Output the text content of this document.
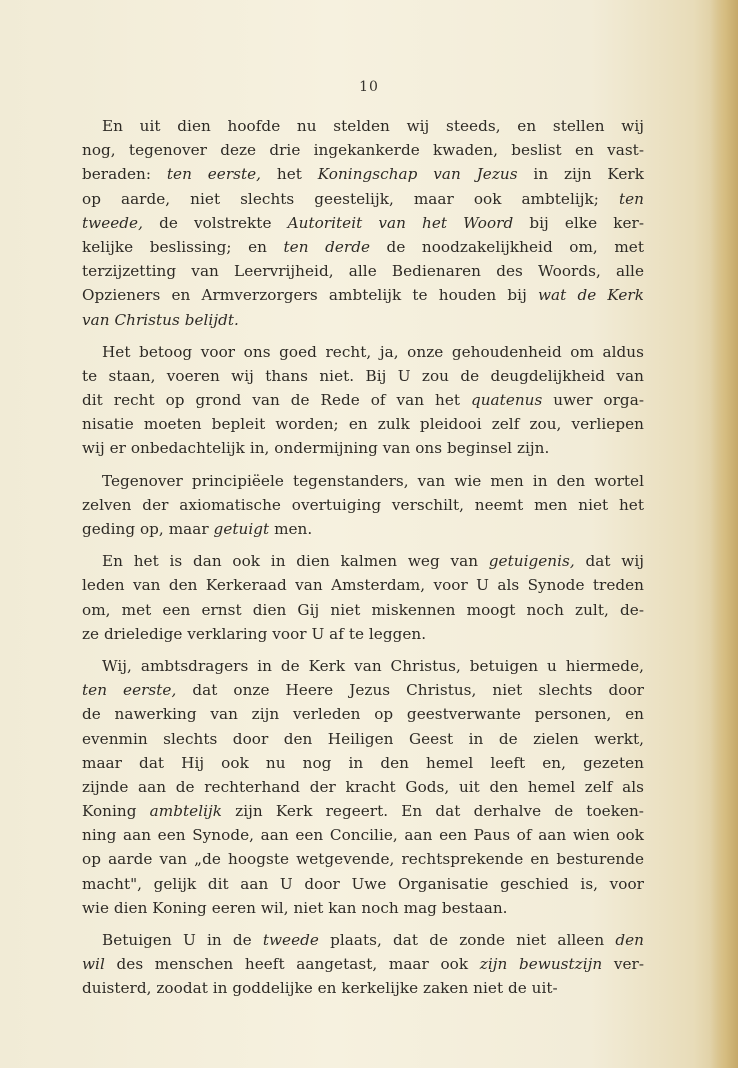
10
En uit dien hoofde nu stelden wij steeds, en stellen wij
nog, tegenover deze drie ingekankerde kwaden, beslist en vast-
beraden: ten eerste, het Koningschap van Jezus in zijn Kerk
op aarde, niet slechts geestelijk, maar ook ambtelijk; ten
tweede, de volstrekte Autoriteit van het Woord bij elke ker-
kelijke beslissing; en ten derde de noodzakelijkheid om, met
terzijzetting van Leervrijheid, alle Bedienaren des Woords, alle
Opzieners en Armverzorgers ambtelijk te houden bij wat de Kerk
van Christus belijdt.
Het betoog voor ons goed recht, ja, onze gehoudenheid om aldus
te staan, voeren wij thans niet. Bij U zou de deugdelijkheid van
dit recht op grond van de Rede of van het quatenus uwer orga-
nisatie moeten bepleit worden; en zulk pleidooi zelf zou, verliepen
wij er onbedachtelijk in, ondermijning van ons beginsel zijn.
Tegenover principiëele tegenstanders, van wie men in den wortel
zelven der axiomatische overtuiging verschilt, neemt men niet het
geding op, maar getuigt men.
En het is dan ook in dien kalmen weg van getuigenis, dat wij
leden van den Kerkeraad van Amsterdam, voor U als Synode treden
om, met een ernst dien Gij niet miskennen moogt noch zult, de-
ze drieledige verklaring voor U af te leggen.
Wij, ambtsdragers in de Kerk van Christus, betuigen u hiermede,
ten eerste, dat onze Heere Jezus Christus, niet slechts door
de nawerking van zijn verleden op geestverwante personen, en
evenmin slechts door den Heiligen Geest in de zielen werkt,
maar dat Hij ook nu nog in den hemel leeft en, gezeten
zijnde aan de rechterhand der kracht Gods, uit den hemel zelf als
Koning ambtelijk zijn Kerk regeert. En dat derhalve de toeken-
ning aan een Synode, aan een Concilie, aan een Paus of aan wien ook
op aarde van „de hoogste wetgevende, rechtsprekende en besturende
macht", gelijk dit aan U door Uwe Organisatie geschied is, voor
wie dien Koning eeren wil, niet kan noch mag bestaan.
Betuigen U in de tweede plaats, dat de zonde niet alleen den
wil des menschen heeft aangetast, maar ook zijn bewustzijn ver-
duisterd, zoodat in goddelijke en kerkelijke zaken niet de uit-
